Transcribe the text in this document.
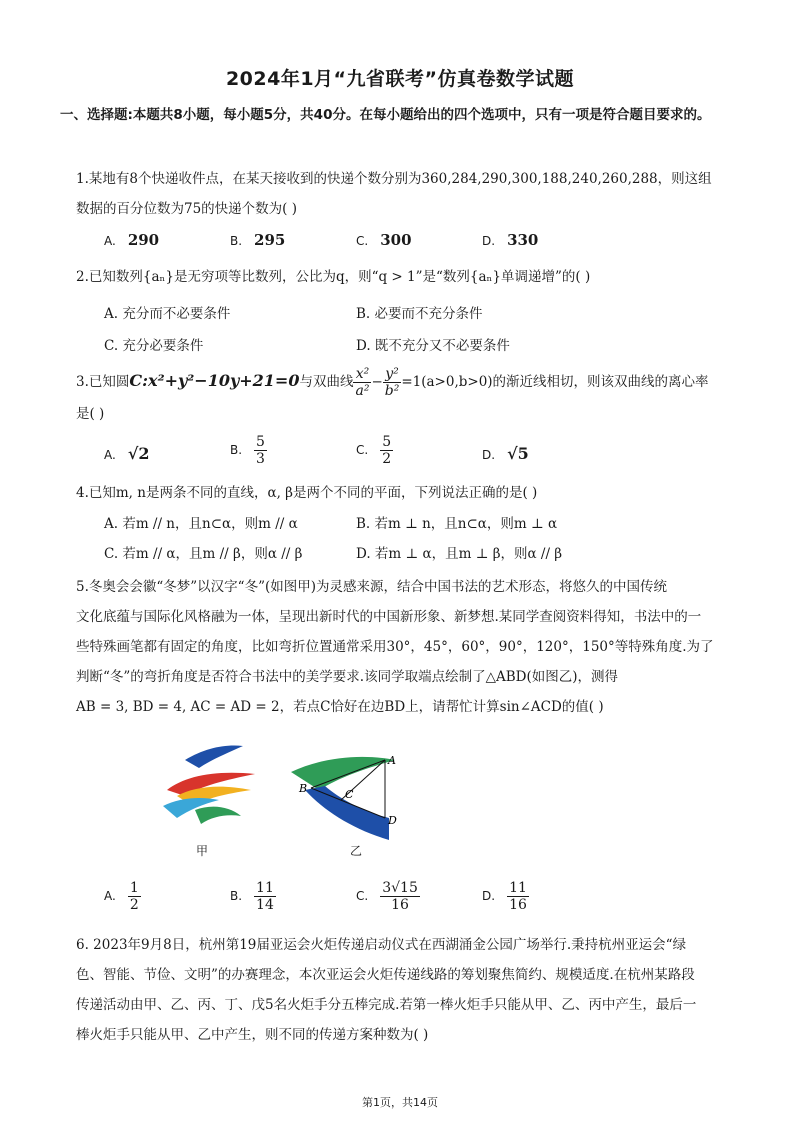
2024年1月“九省联考”仿真卷数学试题
一、选择题:本题共8小题，每小题5分，共40分。在每小题给出的四个选项中，只有一项是符合题目要求的。
1.某地有8个快递收件点，在某天接收到的快递个数分别为360,284,290,300,188,240,260,288，则这组
数据的百分位数为75的快递个数为( )
A. 290	B. 295	C. 300	D. 330
2.已知数列{aₙ}是无穷项等比数列，公比为q，则“q > 1”是“数列{aₙ}单调递增”的( )
A. 充分而不必要条件	B. 必要而不充分条件
C. 充分必要条件	D. 既不充分又不必要条件
3.已知圆C:x²+y²−10y+21=0与双曲线 $\frac{\text{x²}}{\text{a²}} - \frac{\text{y²}}{\text{b²}} =1(a>0,b>0)$的渐近线相切，则该双曲线的离心率
是( )
A. √2	B. $\frac{5}{3}$	C. $\frac{5}{2}$	D. √5
4.已知m, n是两条不同的直线，α, β是两个不同的平面，下列说法正确的是( )
A. 若m // n，且n⊂α，则m // α	B. 若m ⊥ n，且n⊂α，则m ⊥ α
C. 若m // α，且m // β，则α // β	D. 若m ⊥ α，且m ⊥ β，则α // β
5.冬奥会会徽“冬梦”以汉字“冬”(如图甲)为灵感来源，结合中国书法的艺术形态，将悠久的中国传统
文化底蕴与国际化风格融为一体，呈现出新时代的中国新形象、新梦想.某同学查阅资料得知，书法中的一
些特殊画笔都有固定的角度，比如弯折位置通常采用30°，45°，60°，90°，120°，150°等特殊角度.为了
判断“冬”的弯折角度是否符合书法中的美学要求.该同学取端点绘制了△ABD(如图乙)，测得
AB = 3, BD = 4, AC = AD = 2，若点C恰好在边BD上，请帮忙计算sin∠ACD的值( )
甲
A
B	C
D
乙
A. $\frac{1}{2}$	B. $\frac{11}{14}$	C. $\frac{3√15}{16}$	D. $\frac{11}{16}$
6. 2023年9月8日，杭州第19届亚运会火炬传递启动仪式在西湖涌金公园广场举行.秉持杭州亚运会“绿
色、智能、节俭、文明”的办赛理念，本次亚运会火炬传递线路的筹划聚焦简约、规模适度.在杭州某路段
传递活动由甲、乙、丙、丁、戊5名火炬手分五棒完成.若第一棒火炬手只能从甲、乙、丙中产生，最后一
棒火炬手只能从甲、乙中产生，则不同的传递方案种数为( )
第1页，共14页
